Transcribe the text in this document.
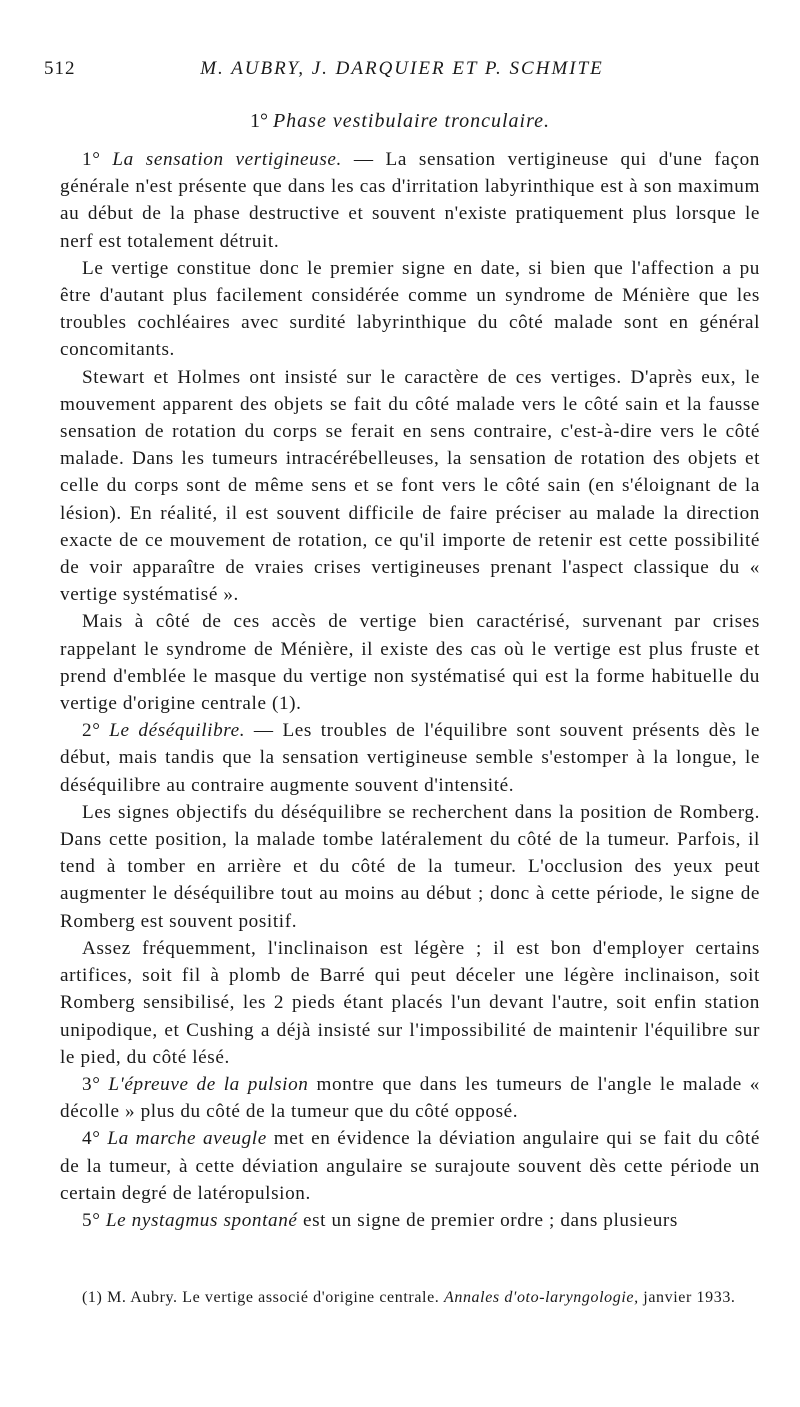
512	M. AUBRY, J. DARQUIER ET P. SCHMITE
1° Phase vestibulaire tronculaire.

1° La sensation vertigineuse. — La sensation vertigineuse qui d'une façon générale n'est présente que dans les cas d'irritation labyrinthique est à son maximum au début de la phase destructive et souvent n'existe pratiquement plus lorsque le nerf est totalement détruit.

Le vertige constitue donc le premier signe en date, si bien que l'affection a pu être d'autant plus facilement considérée comme un syndrome de Ménière que les troubles cochléaires avec surdité labyrinthique du côté malade sont en général concomitants.

Stewart et Holmes ont insisté sur le caractère de ces vertiges. D'après eux, le mouvement apparent des objets se fait du côté malade vers le côté sain et la fausse sensation de rotation du corps se ferait en sens contraire, c'est-à-dire vers le côté malade. Dans les tumeurs intracérébelleuses, la sensation de rotation des objets et celle du corps sont de même sens et se font vers le côté sain (en s'éloignant de la lésion). En réalité, il est souvent difficile de faire préciser au malade la direction exacte de ce mouvement de rotation, ce qu'il importe de retenir est cette possibilité de voir apparaître de vraies crises vertigineuses prenant l'aspect classique du « vertige systématisé ».

Mais à côté de ces accès de vertige bien caractérisé, survenant par crises rappelant le syndrome de Ménière, il existe des cas où le vertige est plus fruste et prend d'emblée le masque du vertige non systématisé qui est la forme habituelle du vertige d'origine centrale (1).

2° Le déséquilibre. — Les troubles de l'équilibre sont souvent présents dès le début, mais tandis que la sensation vertigineuse semble s'estomper à la longue, le déséquilibre au contraire augmente souvent d'intensité.

Les signes objectifs du déséquilibre se recherchent dans la position de Romberg. Dans cette position, la malade tombe latéralement du côté de la tumeur. Parfois, il tend à tomber en arrière et du côté de la tumeur. L'occlusion des yeux peut augmenter le déséquilibre tout au moins au début ; donc à cette période, le signe de Romberg est souvent positif.

Assez fréquemment, l'inclinaison est légère ; il est bon d'employer certains artifices, soit fil à plomb de Barré qui peut déceler une légère inclinaison, soit Romberg sensibilisé, les 2 pieds étant placés l'un devant l'autre, soit enfin station unipodique, et Cushing a déjà insisté sur l'impossibilité de maintenir l'équilibre sur le pied, du côté lésé.

3° L'épreuve de la pulsion montre que dans les tumeurs de l'angle le malade « décolle » plus du côté de la tumeur que du côté opposé.

4° La marche aveugle met en évidence la déviation angulaire qui se fait du côté de la tumeur, à cette déviation angulaire se surajoute souvent dès cette période un certain degré de latéropulsion.

5° Le nystagmus spontané est un signe de premier ordre ; dans plusieurs

(1) M. Aubry. Le vertige associé d'origine centrale. Annales d'oto-laryngologie, janvier 1933.
